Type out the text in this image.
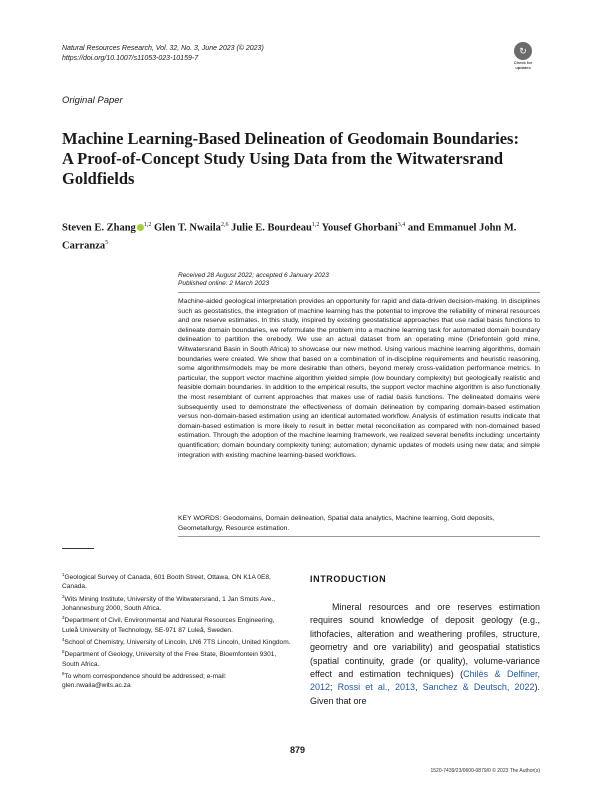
Natural Resources Research, Vol. 32, No. 3, June 2023 (© 2023)
https://doi.org/10.1007/s11053-023-10159-7
↻
Check for updates
Original Paper
Machine Learning-Based Delineation of Geodomain Boundaries: A Proof-of-Concept Study Using Data from the Witwatersrand Goldfields
Steven E. Zhang $^{1,2}$ Glen T. Nwaila$^{2,6}$ Julie E. Bourdeau$^{1,2}$ Yousef Ghorbani$^{3,4}$ and Emmanuel John M. Carranza$^5$
Received 28 August 2022; accepted 6 January 2023
Published online: 2 March 2023
Machine-aided geological interpretation provides an opportunity for rapid and data-driven decision-making. In disciplines such as geostatistics, the integration of machine learning has the potential to improve the reliability of mineral resources and ore reserve estimates. In this study, inspired by existing geostatistical approaches that use radial basis functions to delineate domain boundaries, we reformulate the problem into a machine learning task for automated domain boundary delineation to partition the orebody. We use an actual dataset from an operating mine (Driefontein gold mine, Witwatersrand Basin in South Africa) to showcase our new method. Using various machine learning algorithms, domain boundaries were created. We show that based on a combination of in-discipline requirements and heuristic reasoning, some algorithms/models may be more desirable than others, beyond merely cross-validation performance metrics. In particular, the support vector machine algorithm yielded simple (low boundary complexity) but geologically realistic and feasible domain boundaries. In addition to the empirical results, the support vector machine algorithm is also functionally the most resemblant of current approaches that makes use of radial basis functions. The delineated domains were subsequently used to demonstrate the effectiveness of domain delineation by comparing domain-based estimation versus non-domain-based estimation using an identical automated workflow. Analysis of estimation results indicate that domain-based estimation is more likely to result in better metal reconciliation as compared with non-domained based estimation. Through the adoption of the machine learning framework, we realized several benefits including: uncertainty quantification; domain boundary complexity tuning; automation; dynamic updates of models using new data; and simple integration with existing machine learning-based workflows.
KEY WORDS: Geodomains, Domain delineation, Spatial data analytics, Machine learning, Gold deposits, Geometallurgy, Resource estimation.
$^1$Geological Survey of Canada, 601 Booth Street, Ottawa, ON K1A 0E8, Canada.
$^2$Wits Mining Institute, University of the Witwatersrand, 1 Jan Smuts Ave., Johannesburg 2000, South Africa.
$^3$Department of Civil, Environmental and Natural Resources Engineering, Luleå University of Technology, SE-971 87 Luleå, Sweden.
$^4$School of Chemistry, University of Lincoln, LN6 7TS Lincoln, United Kingdom.
$^5$Department of Geology, University of the Free State, Bloemfontein 9301, South Africa.
$^6$To whom correspondence should be addressed; e-mail: glen.nwaila@wits.ac.za
INTRODUCTION
Mineral resources and ore reserves estimation requires sound knowledge of deposit geology (e.g., lithofacies, alteration and weathering profiles, structure, geometry and ore variability) and geospatial statistics (spatial continuity, grade (or quality), volume-variance effect and estimation techniques) (Chilès & Delfiner, 2012; Rossi et al., 2013, Sanchez & Deutsch, 2022). Given that ore
879
1520-7439/23/0600-0879/0 © 2023 The Author(s)
